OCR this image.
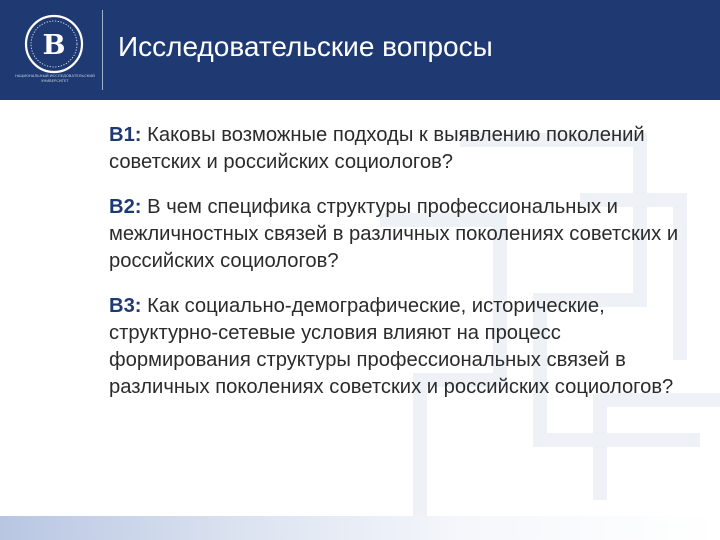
В
НАЦИОНАЛЬНЫЙ ИССЛЕДОВАТЕЛЬСКИЙ УНИВЕРСИТЕТ
Исследовательские вопросы

В1: Каковы возможные подходы к выявлению поколений советских и российских социологов?

В2: В чем специфика структуры профессиональных и межличностных связей в различных поколениях советских и российских социологов?

В3: Как социально-демографические, исторические, структурно-сетевые условия влияют на процесс формирования структуры профессиональных связей в различных поколениях советских и российских социологов?
